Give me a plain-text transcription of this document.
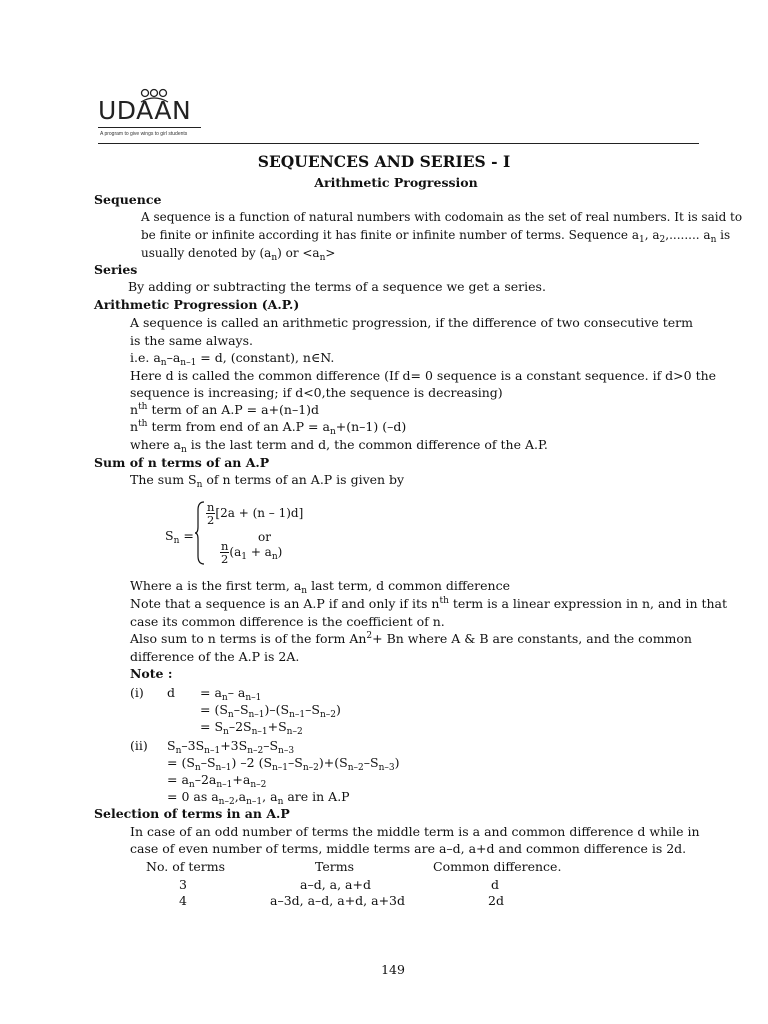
UDAAN
A program to give wings to girl students
SEQUENCES AND SERIES - I
Arithmetic Progression
Sequence
A sequence is a function of natural numbers with codomain as the set of real numbers. It is said to
be finite or infinite according it has finite or infinite number of terms. Sequence $a_1$, $a_2$,........ $a_n$ is
usually denoted by $(a_n)$ or $<a_n>$
Series
By adding or subtracting the terms of a sequence we get a series.
Arithmetic Progression (A.P.)
A sequence is called an arithmetic progression, if the difference of two consecutive term
is the same always.
i.e. $a_n-a_{n-1} = d$, (constant), n∈N.
Here d is called the common difference (If d= 0 sequence is a constant sequence. if d>0 the
sequence is increasing; if d<0,the sequence is decreasing)
$n^{th}$ term of an A.P = a+(n–1)d
$n^{th}$ term from end of an $A.P = a_n+(n-1)$ (–d)
where $a_n$ is the last term and d, the common difference of the A.P.
Sum of n terms of an A.P
The sum $S_n$ of n terms of an A.P is given by
$S_n$ =
$\frac{n}{2} [2a + (n - 1)d]$
or
$\frac{n}{2} (a_1 + a_n)$
Where a is the first term, $a_n$ last term, d common difference
Note that a sequence is an A.P if and only if its $n^{th}$ term is a linear expression in n, and in that
case its common difference is the coefficient of n.
Also sum to n terms is of the form $An^2+ Bn$ where A & B are constants, and the common
difference of the A.P is 2A.
Note :
(i) $d = a_n-$ $a_{n-1}$
= $(S_n-S_{n-1})-(S_{n-1}-S_{n-2})$
= $S_n-2S_{n-1}+S_{n-2}$
(ii) $S_n-3S_{n-1}+3S_{n-2}-S_{n-3}$
= $(S_n-S_{n-1})$ –2 $(S_{n-1}-S_{n-2})+(S_{n-2}-S_{n-3})$
= $a_n-2a_{n-1}+a_{n-2}$
= 0 as $a_{n-2},a_{n-1}$, $a_n$ are in A.P
Selection of terms in an A.P
In case of an odd number of terms the middle term is a and common difference d while in
case of even number of terms, middle terms are a–d, a+d and common difference is 2d.
No. of terms	Terms	Common difference.
3	a–d, a, a+d	d
4	a–3d, a–d, a+d, a+3d	2d
149
